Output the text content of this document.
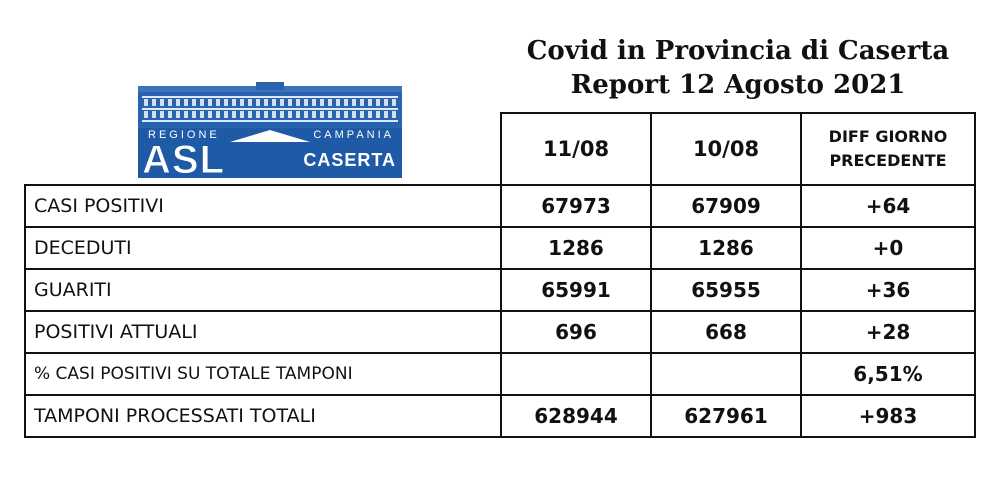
Covid in Provincia di Caserta
Report 12 Agosto 2021
REGIONE	CAMPANIA
ASL	CASERTA
		11/08	10/08	DIFF GIORNO
PRECEDENTE

CASI POSITIVI	67973	67909	+64
DECEDUTI	1286	1286	+0
GUARITI	65991	65955	+36
POSITIVI ATTUALI	696	668	+28
% CASI POSITIVI SU TOTALE TAMPONI			6,51%
TAMPONI PROCESSATI TOTALI	628944	627961	+983
